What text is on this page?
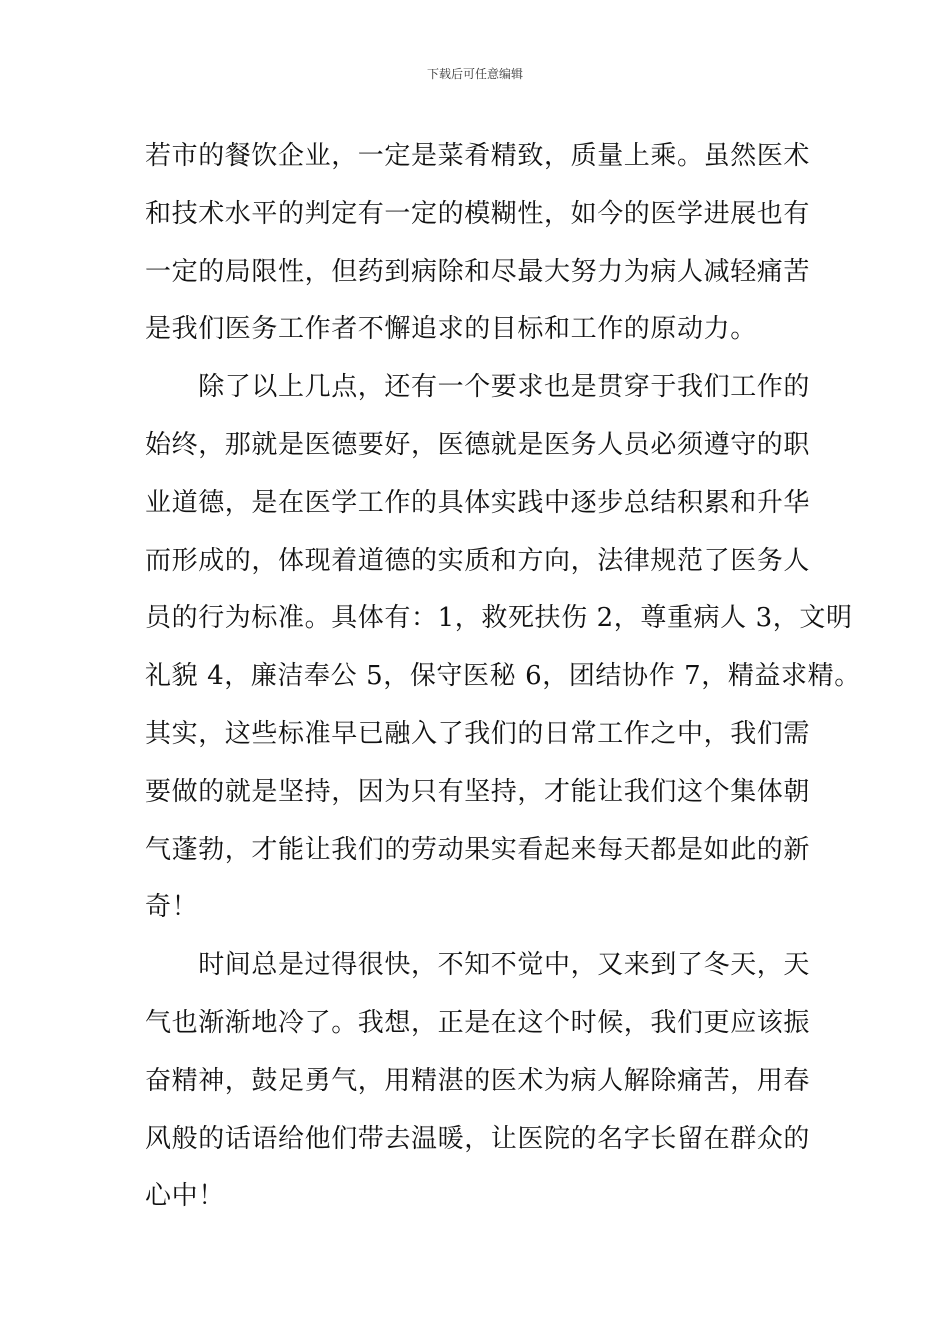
下载后可任意编辑
若市的餐饮企业，一定是菜肴精致，质量上乘。虽然医术
和技术水平的判定有一定的模糊性，如今的医学进展也有
一定的局限性，但药到病除和尽最大努力为病人减轻痛苦
是我们医务工作者不懈追求的目标和工作的原动力。
　　除了以上几点，还有一个要求也是贯穿于我们工作的
始终，那就是医德要好，医德就是医务人员必须遵守的职
业道德，是在医学工作的具体实践中逐步总结积累和升华
而形成的，体现着道德的实质和方向，法律规范了医务人
员的行为标准。具体有：1，救死扶伤 2，尊重病人 3，文明
礼貌 4，廉洁奉公 5，保守医秘 6，团结协作 7，精益求精。
其实，这些标准早已融入了我们的日常工作之中，我们需
要做的就是坚持，因为只有坚持，才能让我们这个集体朝
气蓬勃，才能让我们的劳动果实看起来每天都是如此的新
奇！
　　时间总是过得很快，不知不觉中，又来到了冬天，天
气也渐渐地冷了。我想，正是在这个时候，我们更应该振
奋精神，鼓足勇气，用精湛的医术为病人解除痛苦，用春
风般的话语给他们带去温暖，让医院的名字长留在群众的
心中！
